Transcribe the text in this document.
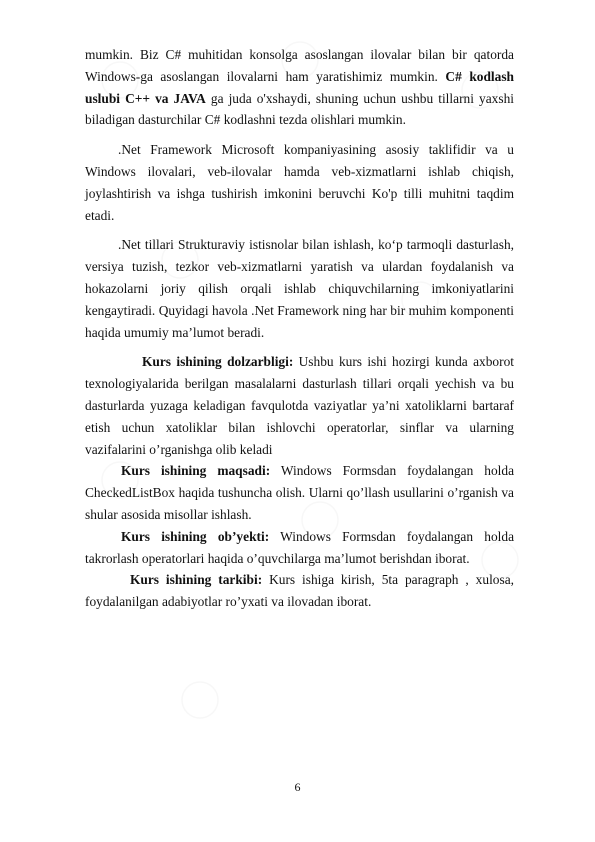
mumkin. Biz C# muhitidan konsolga asoslangan ilovalar bilan bir qatorda Windows-ga asoslangan ilovalarni ham yaratishimiz mumkin. C# kodlash uslubi C++ va JAVA ga juda o'xshaydi, shuning uchun ushbu tillarni yaxshi biladigan dasturchilar C# kodlashni tezda olishlari mumkin.

.Net Framework Microsoft kompaniyasining asosiy taklifidir va u Windows ilovalari, veb-ilovalar hamda veb-xizmatlarni ishlab chiqish, joylashtirish va ishga tushirish imkonini beruvchi Ko'p tilli muhitni taqdim etadi.

.Net tillari Strukturaviy istisnolar bilan ishlash, ko‘p tarmoqli dasturlash, versiya tuzish, tezkor veb-xizmatlarni yaratish va ulardan foydalanish va hokazolarni joriy qilish orqali ishlab chiquvchilarning imkoniyatlarini kengaytiradi. Quyidagi havola .Net Framework ning har bir muhim komponenti haqida umumiy ma’lumot beradi.

Kurs ishining dolzarbligi: Ushbu kurs ishi hozirgi kunda axborot texnologiyalarida berilgan masalalarni dasturlash tillari orqali yechish va bu dasturlarda yuzaga keladigan favqulotda vaziyatlar ya’ni xatoliklarni bartaraf etish uchun xatoliklar bilan ishlovchi operatorlar, sinflar va ularning vazifalarini o’rganishga olib keladi

Kurs ishining maqsadi: Windows Formsdan foydalangan holda CheckedListBox haqida tushuncha olish. Ularni qo’llash usullarini o’rganish va shular asosida misollar ishlash.

Kurs ishining ob’yekti: Windows Formsdan foydalangan holda takrorlash operatorlari haqida o’quvchilarga ma’lumot berishdan iborat.

Kurs ishining tarkibi: Kurs ishiga kirish, 5ta paragraph , xulosa, foydalanilgan adabiyotlar ro’yxati va ilovadan iborat.

6
